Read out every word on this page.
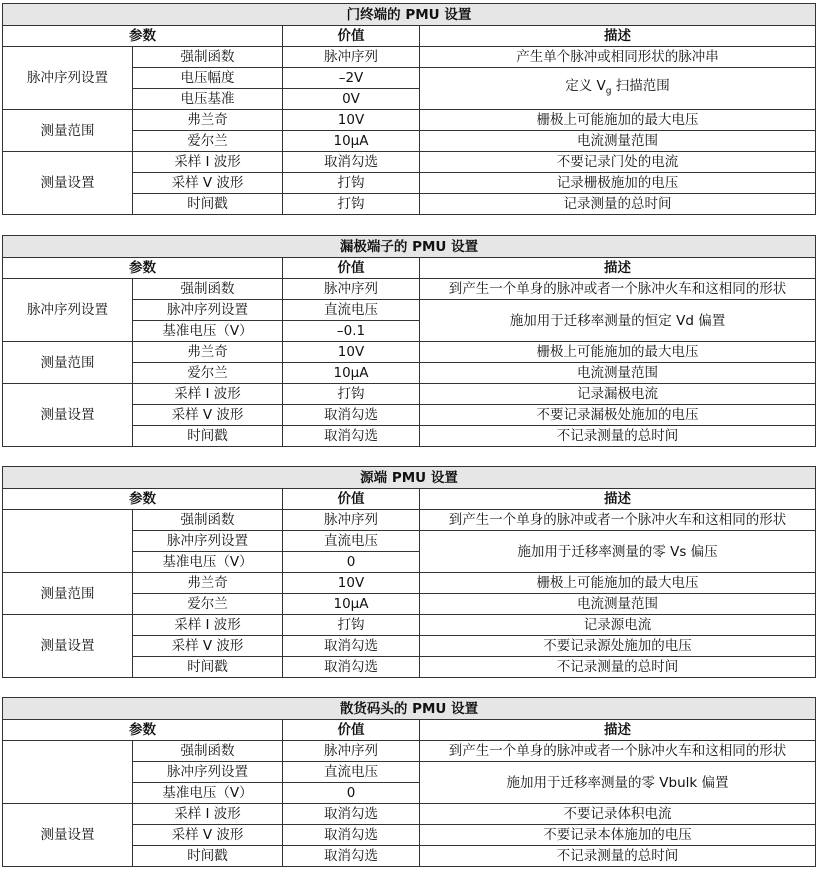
门终端的 PMU 设置			
参数		价值	描述
脉冲序列设置	强制函数	脉冲序列	产生单个脉冲或相同形状的脉冲串
	电压幅度	–2V	定义 $V_g$ 扫描范围
	电压基准	0V	
测量范围	弗兰奇	10V	栅极上可能施加的最大电压
	爱尔兰	10μA	电流测量范围
测量设置	采样 I 波形	取消勾选	不要记录门处的电流
	采样 V 波形	打钩	记录栅极施加的电压
	时间戳	打钩	记录测量的总时间
漏极端子的 PMU 设置			
参数		价值	描述
脉冲序列设置	强制函数	脉冲序列	到产生一个单身的脉冲或者一个脉冲火车和这相同的形状
	脉冲序列设置	直流电压	施加用于迁移率测量的恒定 Vd 偏置
	基准电压（V）	–0.1	
测量范围	弗兰奇	10V	栅极上可能施加的最大电压
	爱尔兰	10μA	电流测量范围
测量设置	采样 I 波形	打钩	记录漏极电流
	采样 V 波形	取消勾选	不要记录漏极处施加的电压
	时间戳	取消勾选	不记录测量的总时间
源端 PMU 设置			
参数		价值	描述
	强制函数	脉冲序列	到产生一个单身的脉冲或者一个脉冲火车和这相同的形状
	脉冲序列设置	直流电压	施加用于迁移率测量的零 Vs 偏压
	基准电压（V）	0	
测量范围	弗兰奇	10V	栅极上可能施加的最大电压
	爱尔兰	10μA	电流测量范围
测量设置	采样 I 波形	打钩	记录源电流
	采样 V 波形	取消勾选	不要记录源处施加的电压
	时间戳	取消勾选	不记录测量的总时间
散货码头的 PMU 设置			
参数		价值	描述
	强制函数	脉冲序列	到产生一个单身的脉冲或者一个脉冲火车和这相同的形状
	脉冲序列设置	直流电压	施加用于迁移率测量的零 Vbulk 偏置
	基准电压（V）	0	
测量设置	采样 I 波形	取消勾选	不要记录体积电流
	采样 V 波形	取消勾选	不要记录本体施加的电压
	时间戳	取消勾选	不记录测量的总时间
